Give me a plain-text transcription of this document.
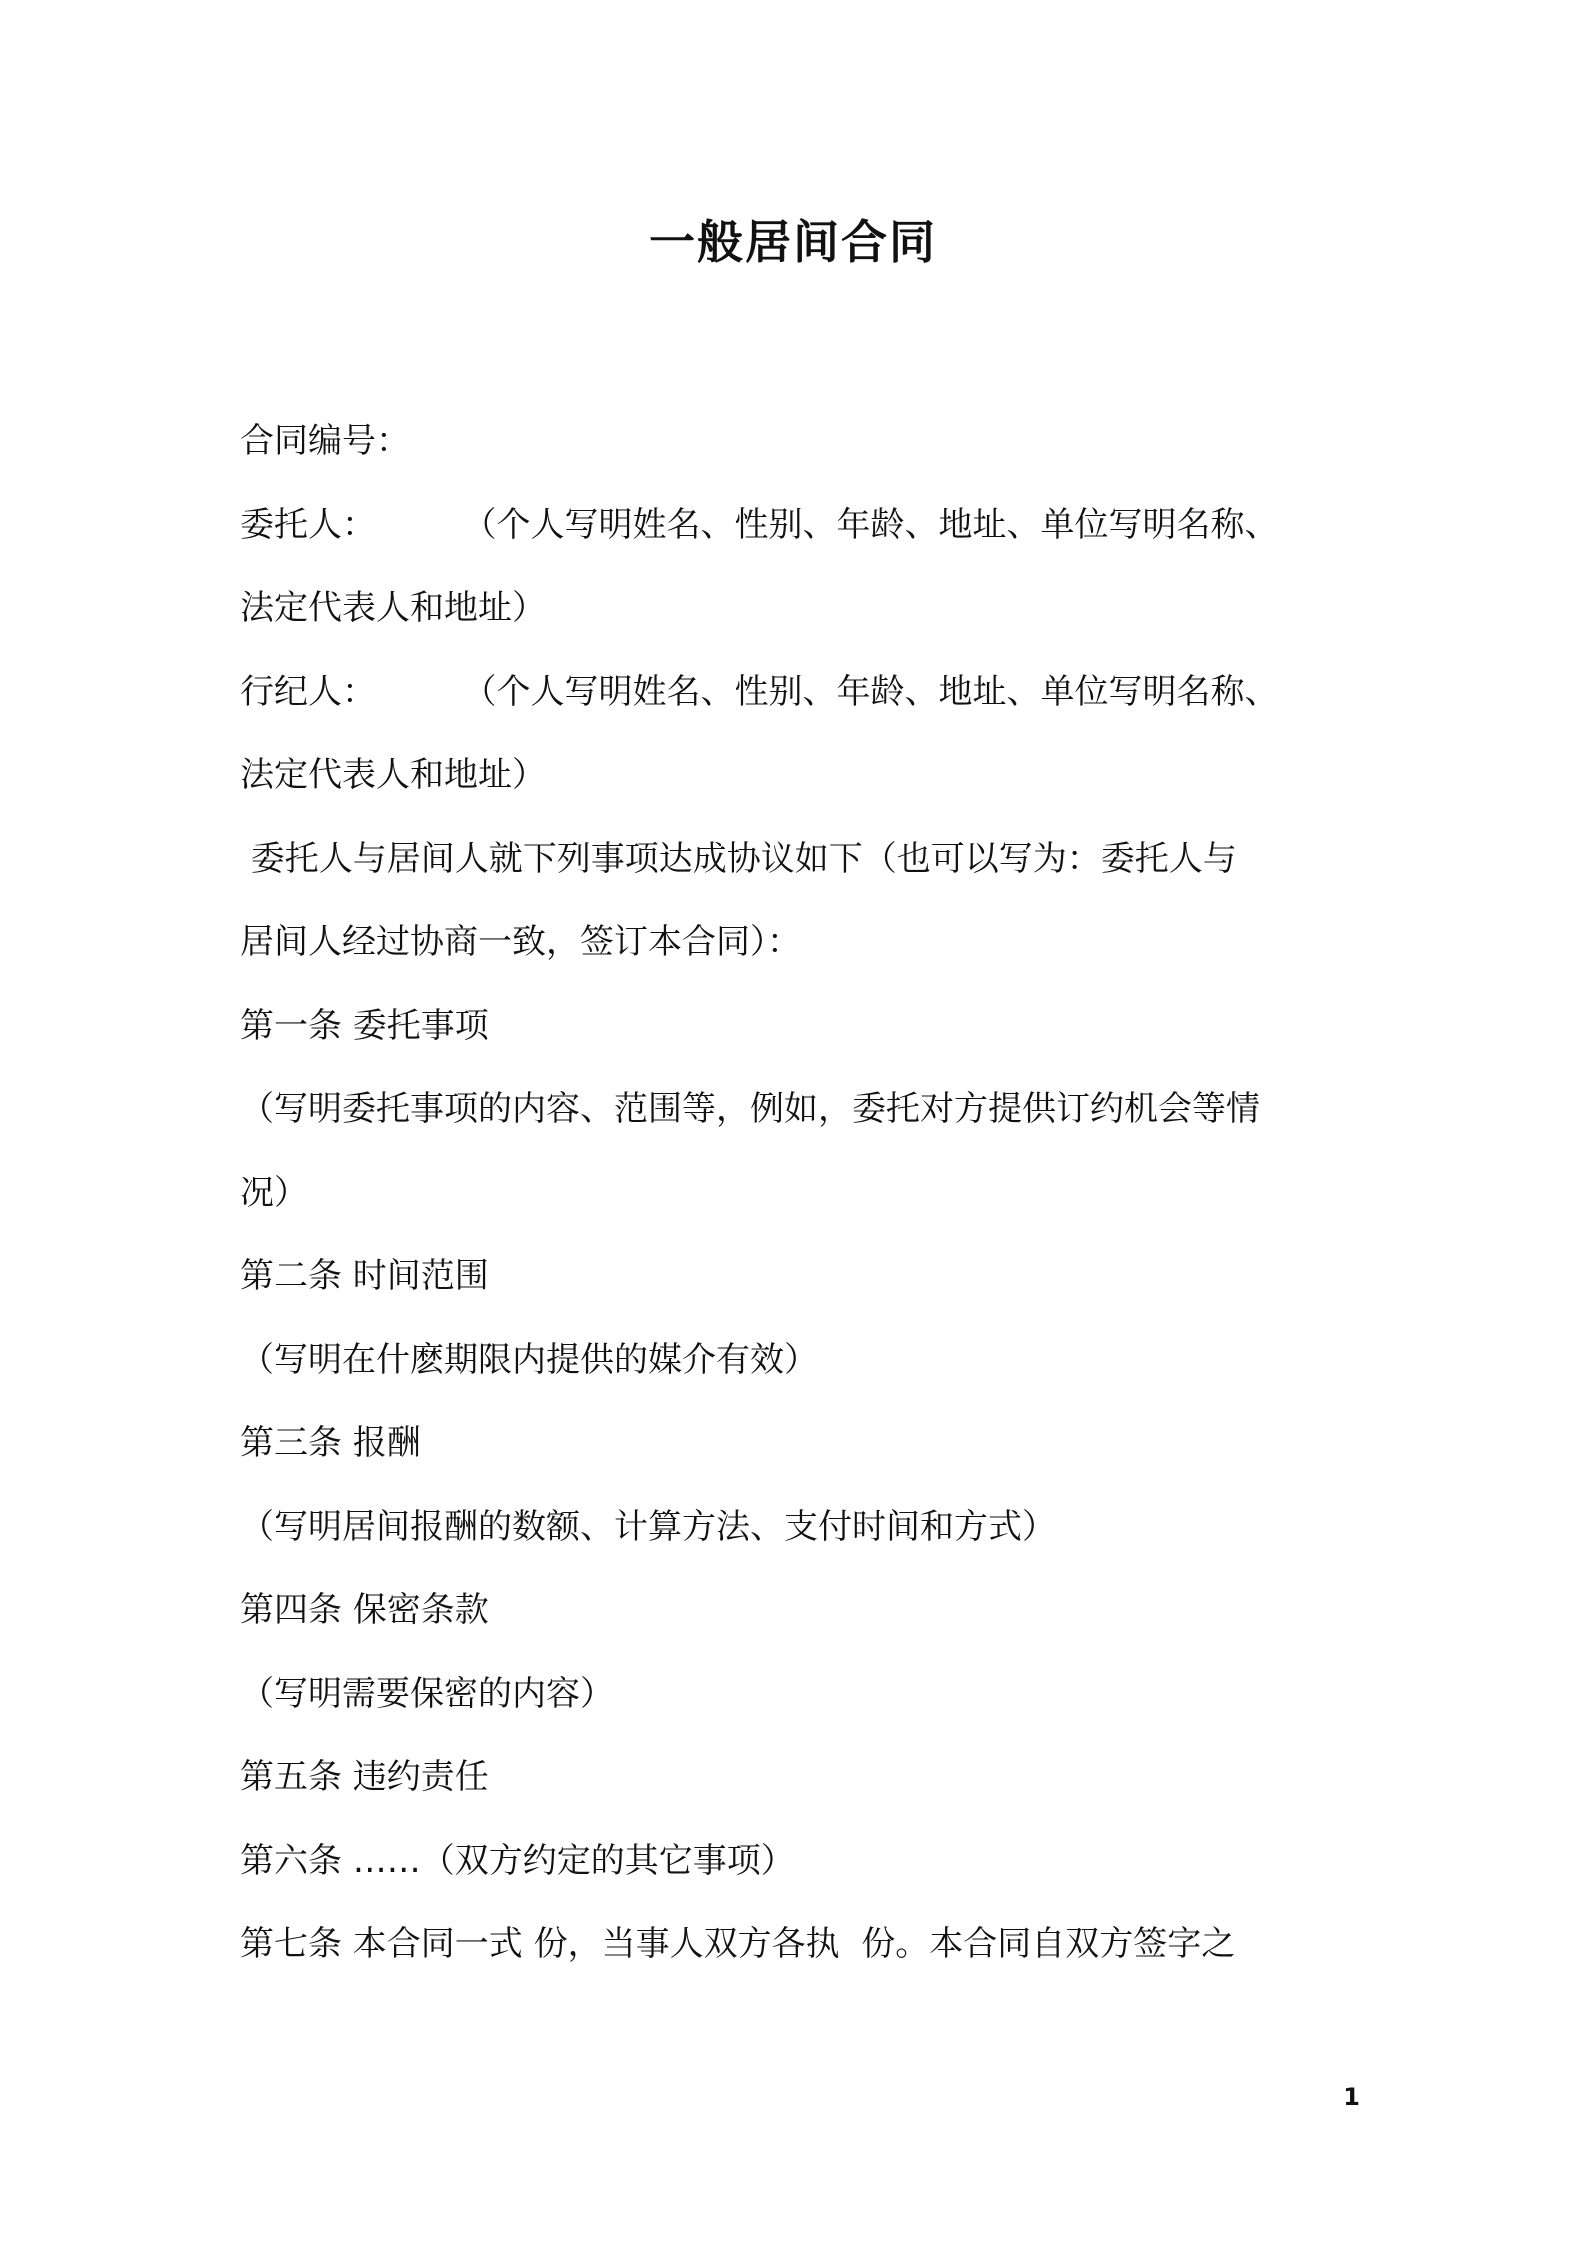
一般居间合同
合同编号：
委托人：        （个人写明姓名、性别、年龄、地址、单位写明名称、
法定代表人和地址）
行纪人：        （个人写明姓名、性别、年龄、地址、单位写明名称、
法定代表人和地址）
委托人与居间人就下列事项达成协议如下（也可以写为：委托人与
居间人经过协商一致，签订本合同）：
第一条 委托事项
（写明委托事项的内容、范围等，例如，委托对方提供订约机会等情
况）
第二条 时间范围
（写明在什麽期限内提供的媒介有效）
第三条 报酬
（写明居间报酬的数额、计算方法、支付时间和方式）
第四条 保密条款
（写明需要保密的内容）
第五条 违约责任
第六条 ……（双方约定的其它事项）
第七条 本合同一式 份，当事人双方各执  份。本合同自双方签字之
1
